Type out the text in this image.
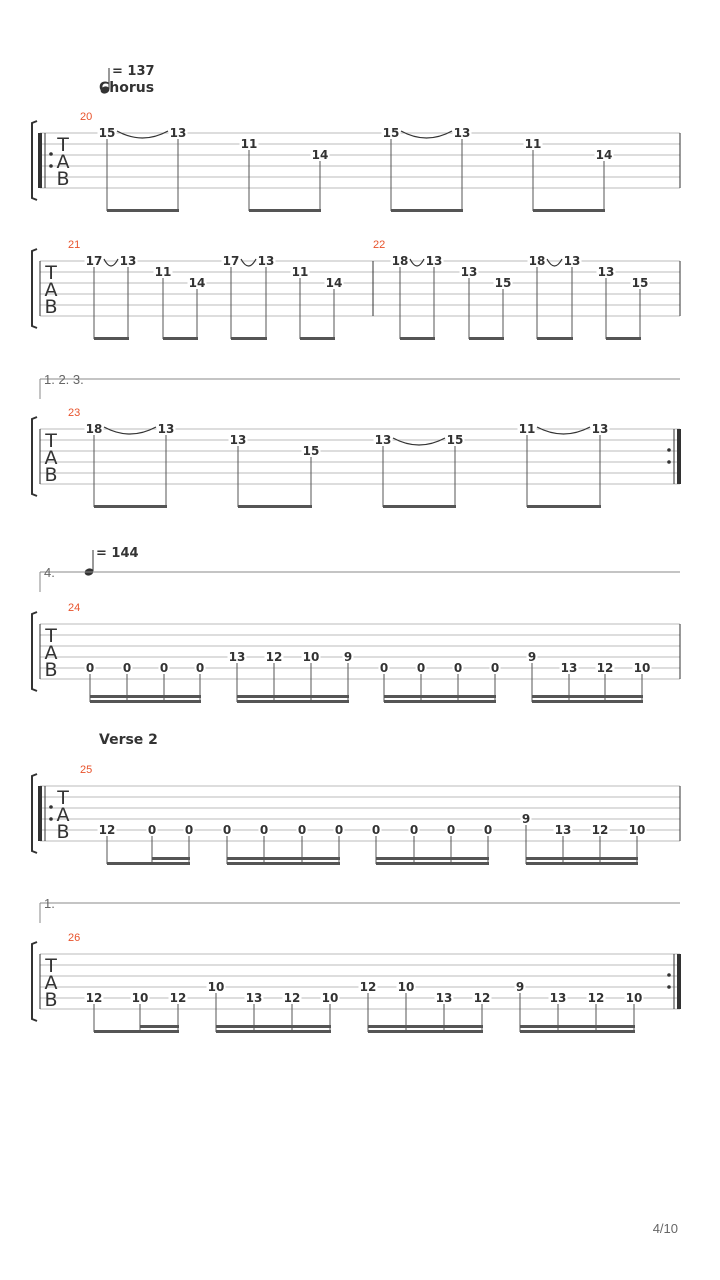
T
A
B
= 137
Chorus
20
15	13
11
14
15	13
11
14
T
A
B
21
17 13
11
14
17 13
11
14
22
18 13
13
15
18 13
13
15
T
A
B
1. 2. 3.
23
18	13
13
15
13	15
11	13
T
A
B
= 144
4.
24
0 0 0 0
13 12 10 9
0 0 0 0
9
13 12 10
T
A
B
Verse 2
25
12	0 0 0 0 0 0 0 0 0 0
9
13 12 10
T
A
B
1.
26
12 10 12
10
13 12 10
12 10
13 12
9
13 12 10
4/10
